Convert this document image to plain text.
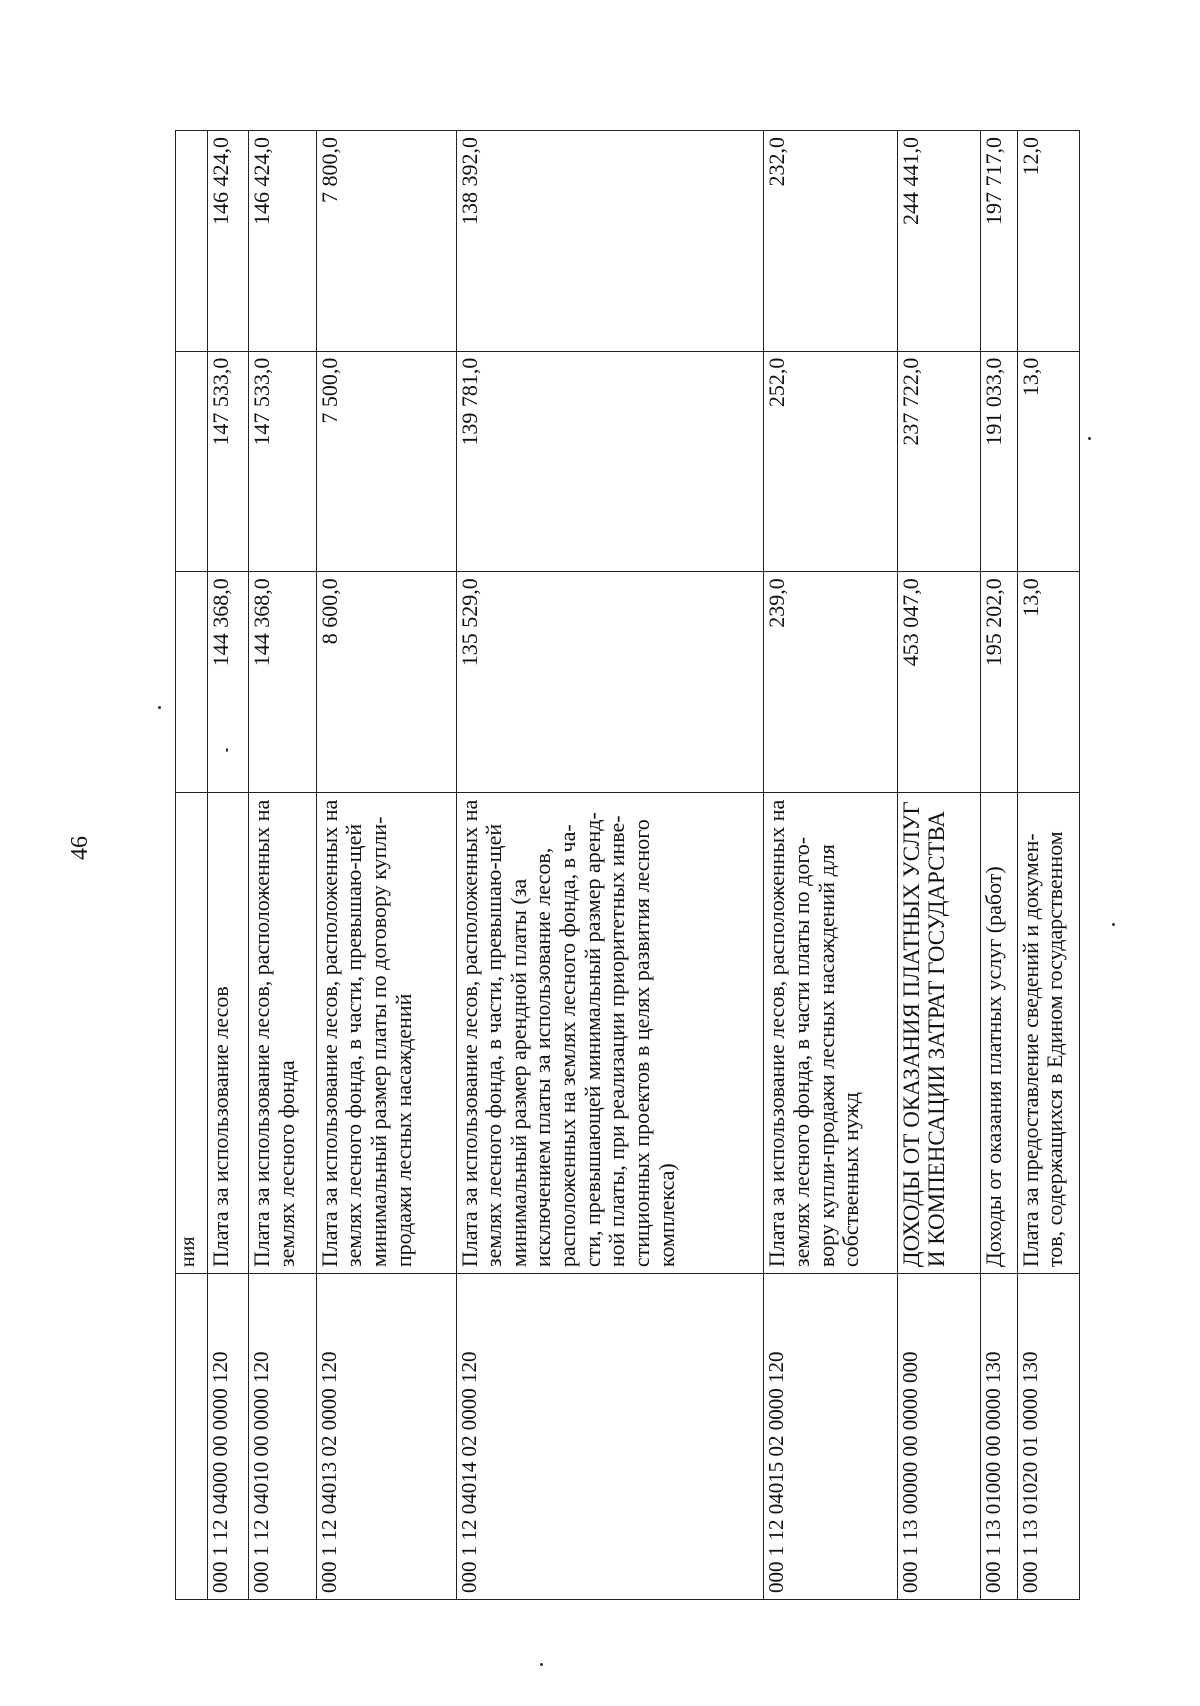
46
	ния			
000 1 12 04000 00 0000 120	Плата за использование лесов	144 368,0	147 533,0	146 424,0
000 1 12 04010 00 0000 120	Плата за использование лесов, расположенных на землях лесного фонда	144 368,0	147 533,0	146 424,0
000 1 12 04013 02 0000 120	Плата за использование лесов, расположенных на землях лесного фонда, в части, превышаю-щей минимальный размер платы по договору купли-продажи лесных насаждений	8 600,0	7 500,0	7 800,0
000 1 12 04014 02 0000 120	Плата за использование лесов, расположенных на землях лесного фонда, в части, превышаю-щей минимальный размер арендной платы (за исключением платы за использование лесов, расположенных на землях лесного фонда, в ча-сти, превышающей минимальный размер аренд-ной платы, при реализации приоритетных инве-стиционных проектов в целях развития лесного комплекса)	135 529,0	139 781,0	138 392,0
000 1 12 04015 02 0000 120	Плата за использование лесов, расположенных на землях лесного фонда, в части платы по дого-вору купли-продажи лесных насаждений для собственных нужд	239,0	252,0	232,0
000 1 13 00000 00 0000 000	ДОХОДЫ ОТ ОКАЗАНИЯ ПЛАТНЫХ УСЛУГ И КОМПЕНСАЦИИ ЗАТРАТ ГОСУДАРСТВА	453 047,0	237 722,0	244 441,0
000 1 13 01000 00 0000 130	Доходы от оказания платных услуг (работ)	195 202,0	191 033,0	197 717,0
000 1 13 01020 01 0000 130	Плата за предоставление сведений и докумен-тов, содержащихся в Едином государственном	13,0	13,0	12,0
